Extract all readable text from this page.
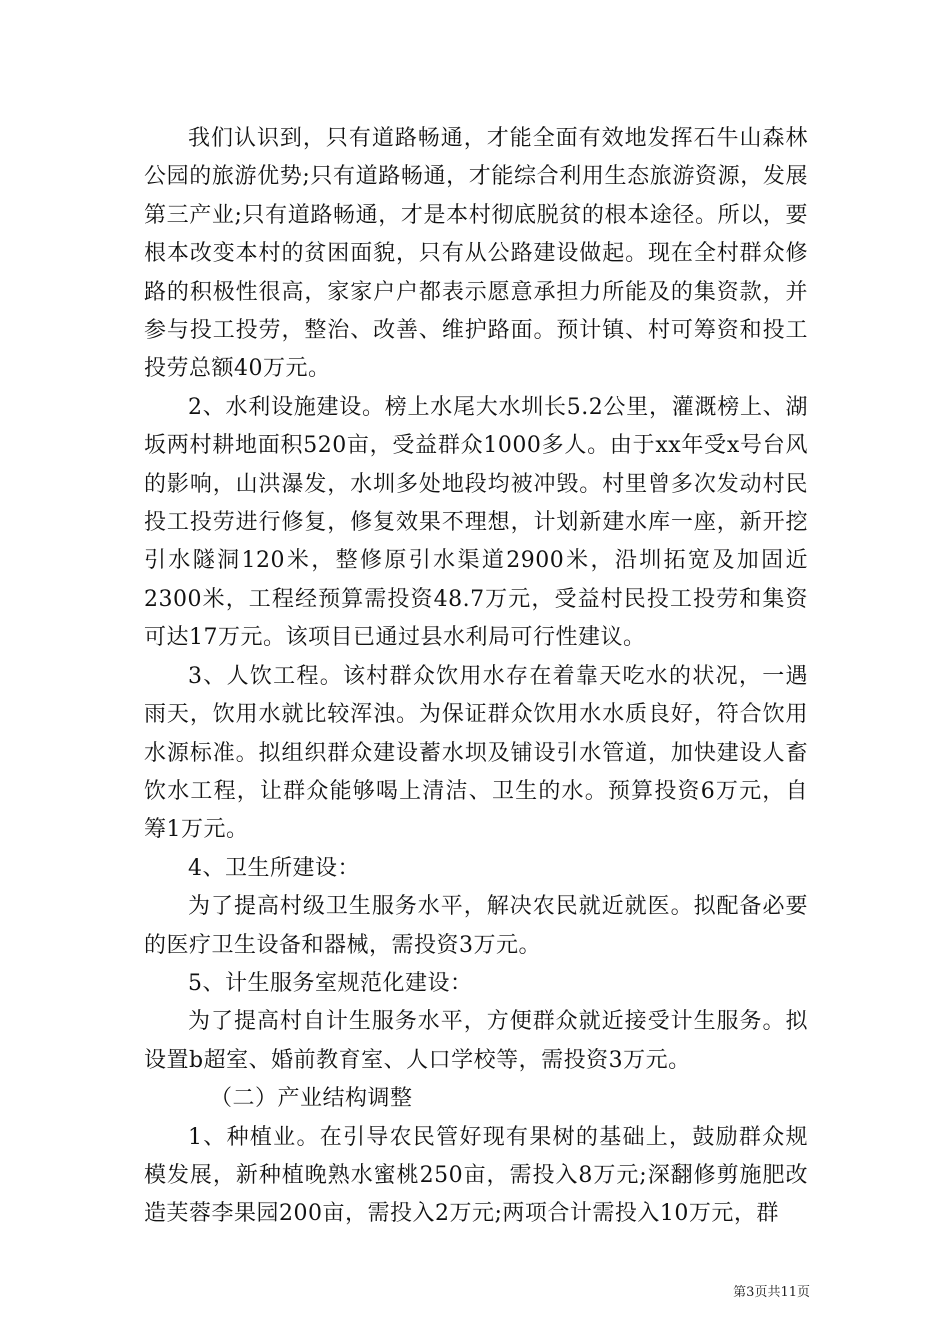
我们认识到，只有道路畅通，才能全面有效地发挥石牛山森林公园的旅游优势;只有道路畅通，才能综合利用生态旅游资源，发展第三产业;只有道路畅通，才是本村彻底脱贫的根本途径。所以，要根本改变本村的贫困面貌，只有从公路建设做起。现在全村群众修路的积极性很高，家家户户都表示愿意承担力所能及的集资款，并参与投工投劳，整治、改善、维护路面。预计镇、村可筹资和投工投劳总额40万元。

2、水利设施建设。榜上水尾大水圳长5.2公里，灌溉榜上、湖坂两村耕地面积520亩，受益群众1000多人。由于xx年受x号台风的影响，山洪瀑发，水圳多处地段均被冲毁。村里曾多次发动村民投工投劳进行修复，修复效果不理想，计划新建水库一座，新开挖引水隧洞120米，整修原引水渠道2900米，沿圳拓宽及加固近2300米，工程经预算需投资48.7万元，受益村民投工投劳和集资可达17万元。该项目已通过县水利局可行性建议。

3、人饮工程。该村群众饮用水存在着靠天吃水的状况，一遇雨天，饮用水就比较浑浊。为保证群众饮用水水质良好，符合饮用水源标准。拟组织群众建设蓄水坝及铺设引水管道，加快建设人畜饮水工程，让群众能够喝上清洁、卫生的水。预算投资6万元，自筹1万元。

4、卫生所建设：

为了提高村级卫生服务水平，解决农民就近就医。拟配备必要的医疗卫生设备和器械，需投资3万元。

5、计生服务室规范化建设：

为了提高村自计生服务水平，方便群众就近接受计生服务。拟设置b超室、婚前教育室、人口学校等，需投资3万元。

（二）产业结构调整

1、种植业。在引导农民管好现有果树的基础上，鼓励群众规模发展，新种植晚熟水蜜桃250亩，需投入8万元;深翻修剪施肥改造芙蓉李果园200亩，需投入2万元;两项合计需投入10万元，群

第3页共11页
